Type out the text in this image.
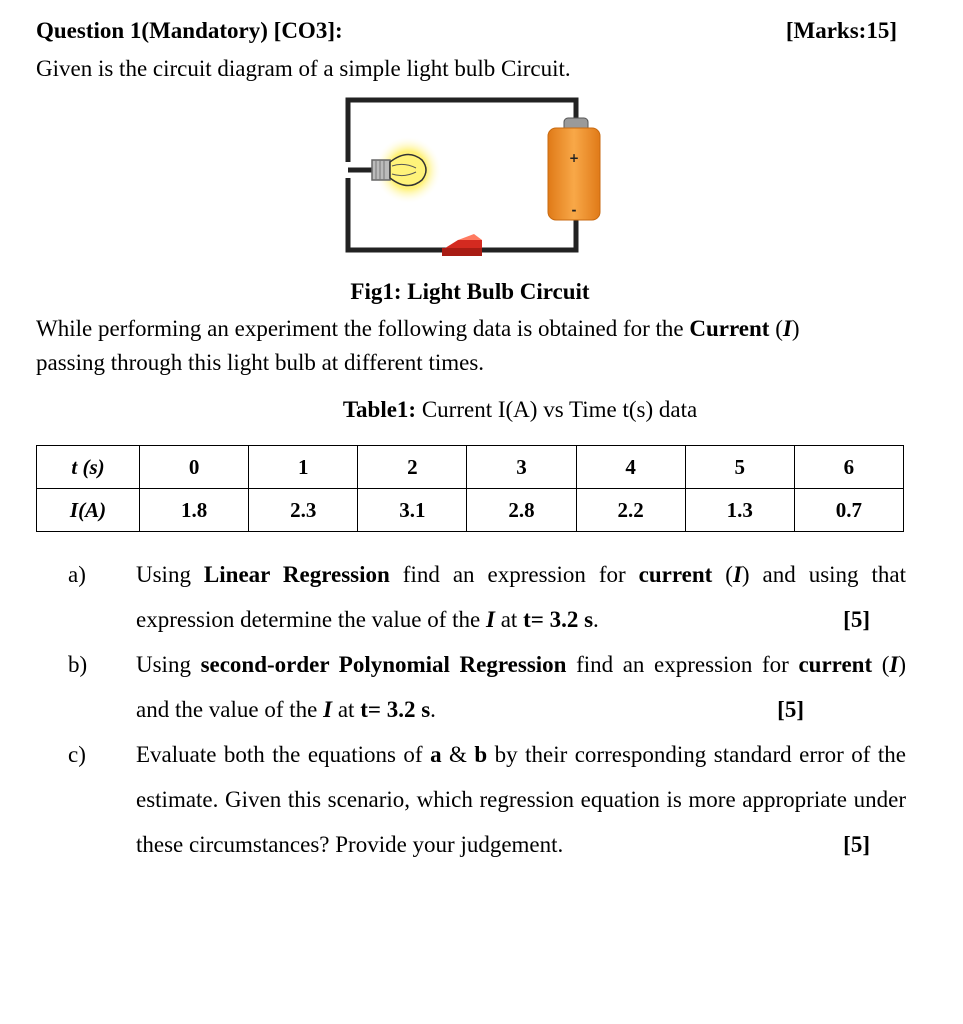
Question 1(Mandatory) [CO3]:	[Marks:15]
Given is the circuit diagram of a simple light bulb Circuit.
+
-
Fig1: Light Bulb Circuit
While performing an experiment the following data is obtained for the Current (I)
passing through this light bulb at different times.
Table1: Current I(A) vs Time t(s) data
t (s)	0	1	2	3	4	5	6
I(A)	1.8	2.3	3.1	2.8	2.2	1.3	0.7
a) Using Linear Regression find an expression for current (I) and using that expression determine the value of the I at t= 3.2 s.	[5]
b) Using second-order Polynomial Regression find an expression for current (I) and the value of the I at t= 3.2 s.	[5]
c) Evaluate both the equations of a & b by their corresponding standard error of the estimate. Given this scenario, which regression equation is more appropriate under these circumstances? Provide your judgement.	[5]
